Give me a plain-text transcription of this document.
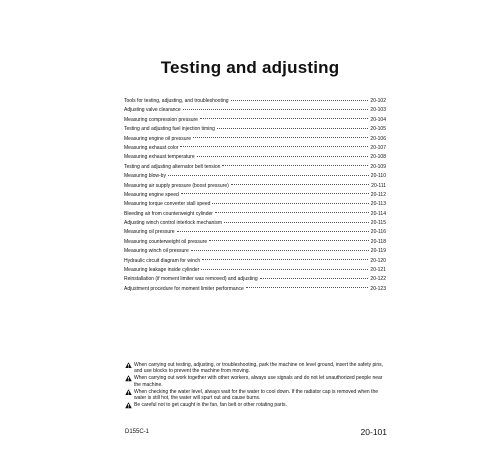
Testing and adjusting
Tools for testing, adjusting, and troubleshooting	20-102
Adjusting valve clearance	20-103
Measuring compression pressure	20-104
Testing and adjusting fuel injection timing	20-105
Measuring engine oil pressure	20-106
Measuring exhaust color	20-107
Measuring exhaust temperature	20-108
Testing and adjusting alternator belt tension	20-109
Measuring blow-by	20-110
Measuring air supply pressure (boost pressure)	20-111
Measuring engine speed	20-112
Measuring torque converter stall speed	20-113
Bleeding air from counterweight cylinder	20-114
Adjusting winch control interlock mechanism	20-115
Measuring oil pressure	20-116
Measuring counterweight oil pressure	20-118
Measuring winch oil pressure	20-119
Hydraulic circuit diagram for winch	20-120
Measuring leakage inside cylinder	20-121
Reinstallation (if moment limiter was removed) and adjusting	20-122
Adjustment procedure for moment limiter performance	20-123
When carrying out testing, adjusting, or troubleshooting, park the machine on level ground, insert the safety pins, and use blocks to prevent the machine from moving.
When carrying out work together with other workers, always use signals and do not let unauthorized people near the machine.
When checking the water level, always wait for the water to cool down. If the radiator cap is removed when the water is still hot, the water will spurt out and cause burns.
Be careful not to get caught in the fan, fan belt or other rotating parts.

D155C-1	20-101
